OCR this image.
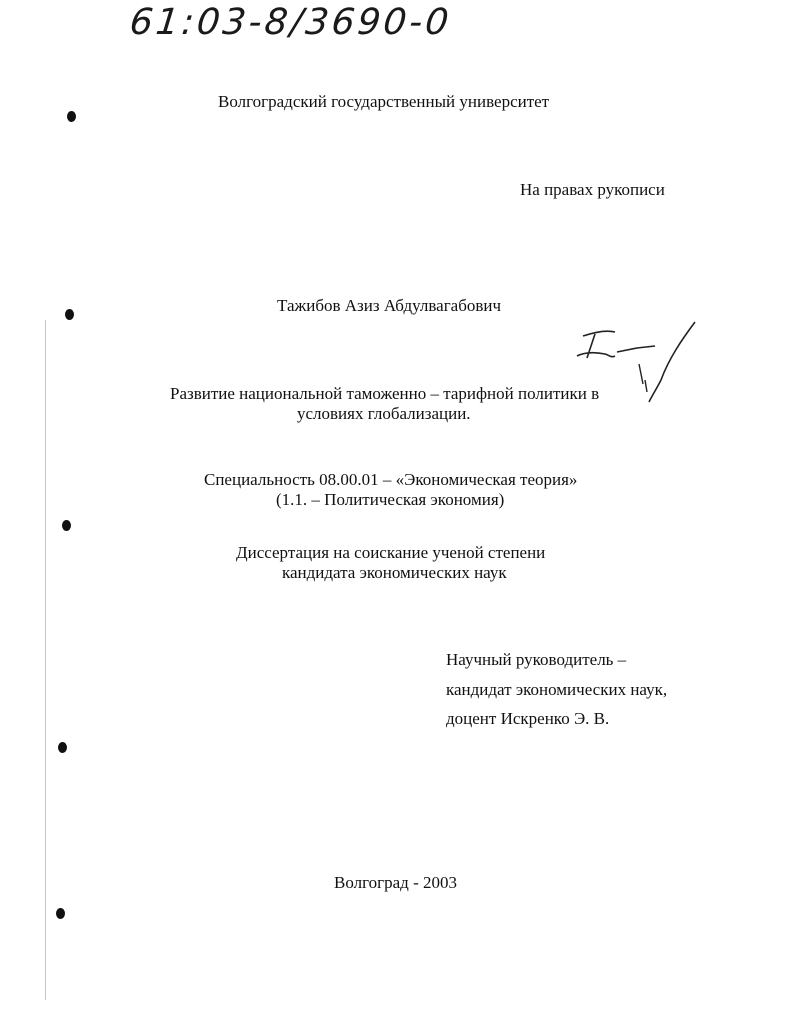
61:03-8/3690-0
Волгоградский государственный университет
На правах рукописи
Тажибов Азиз Абдулвагабович
Развитие национальной таможенно – тарифной политики в
условиях глобализации.
Специальность 08.00.01 – «Экономическая теория»
(1.1. – Политическая экономия)
Диссертация на соискание ученой степени
кандидата экономических наук
Научный руководитель –
кандидат экономических наук,
доцент Искренко Э. В.
Волгоград - 2003
